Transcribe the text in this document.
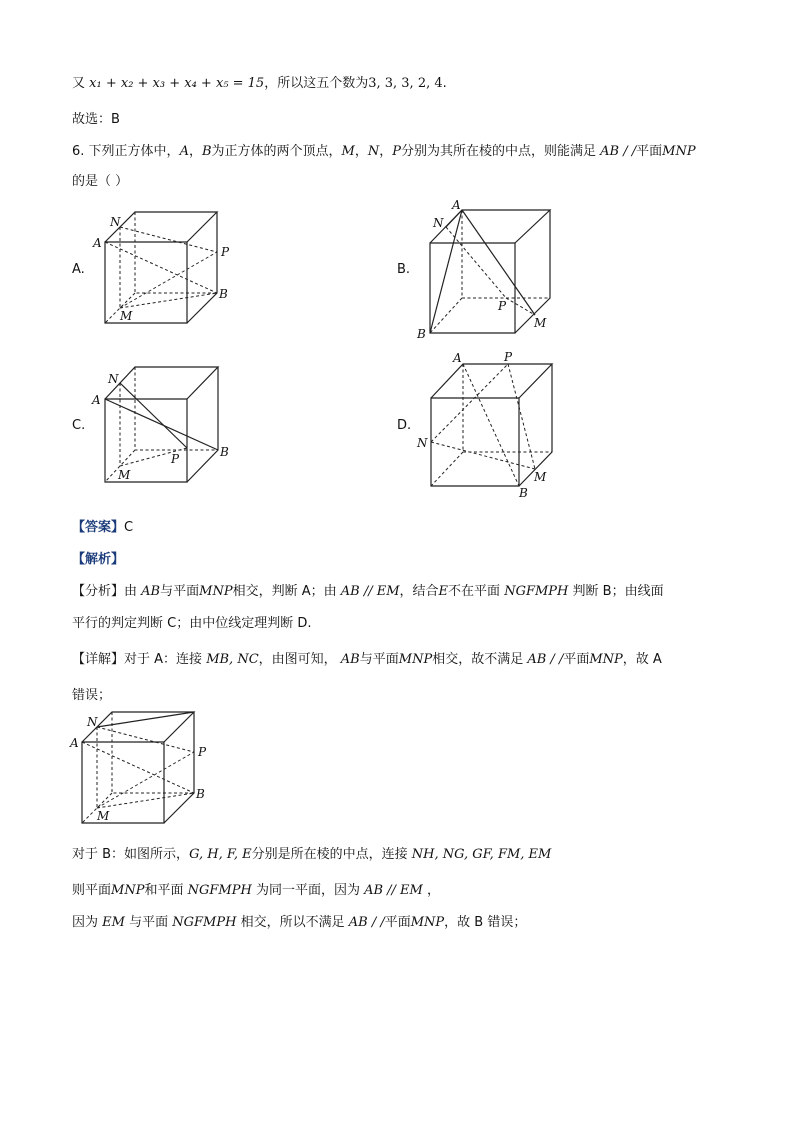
又 x₁ + x₂ + x₃ + x₄ + x₅ = 15，所以这五个数为3, 3, 3, 2, 4.
故选：B
6. 下列正方体中，A，B为正方体的两个顶点，M，N，P分别为其所在棱的中点，则能满足 AB / /平面MNP
的是（ ）
A.	B.
C.	D.
N
A
P
B
M
A
N
P
M
B
N
A
P	B
M
A	P
N
M
B
【答案】C
【解析】
【分析】由 AB与平面MNP相交，判断 A；由 AB // EM，结合E不在平面 NGFMPH 判断 B；由线面
平行的判定判断 C；由中位线定理判断 D.
【详解】对于 A：连接 MB, NC，由图可知， AB与平面MNP相交，故不满足 AB / /平面MNP，故 A
错误；
N
A
P
B
M
对于 B：如图所示，G, H, F, E分别是所在棱的中点，连接 NH, NG, GF, FM, EM
则平面MNP和平面 NGFMPH 为同一平面，因为 AB // EM ，
因为 EM 与平面 NGFMPH 相交，所以不满足 AB / /平面MNP，故 B 错误；
